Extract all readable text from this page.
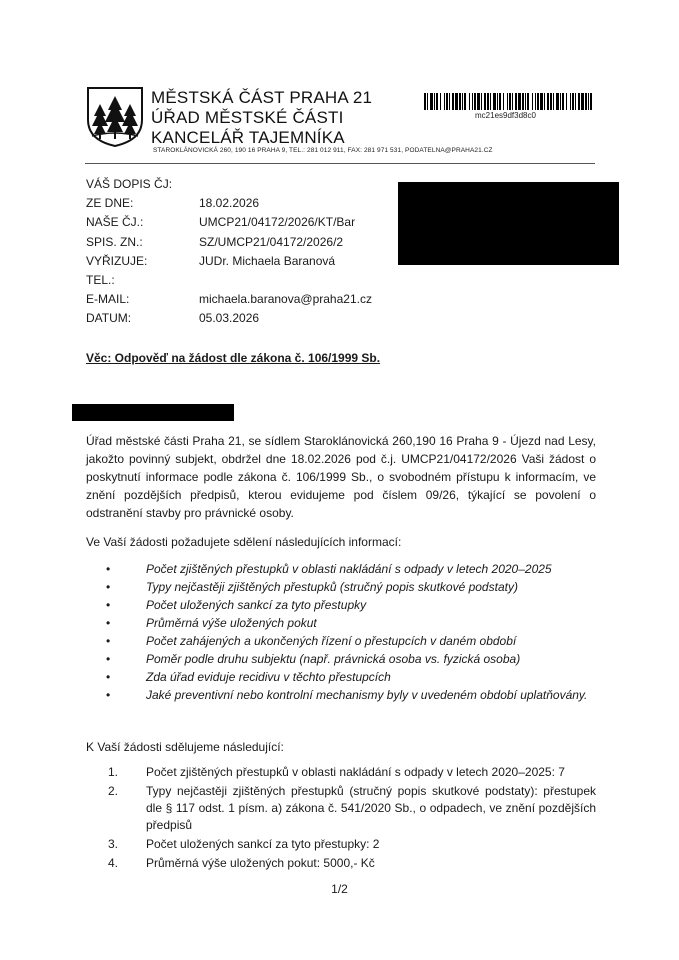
MĚSTSKÁ ČÁST PRAHA 21
ÚŘAD MĚSTSKÉ ČÁSTI
KANCELÁŘ TAJEMNÍKA
STAROKLÁNOVICKÁ 260, 190 16 PRAHA 9, TEL.: 281 012 911, FAX: 281 971 531, PODATELNA@PRAHA21.CZ
mc21es9df3d8c0
VÁŠ DOPIS ČJ:
ZE DNE:	18.02.2026
NAŠE ČJ.:	UMCP21/04172/2026/KT/Bar
SPIS. ZN.:	SZ/UMCP21/04172/2026/2
VYŘIZUJE:	JUDr. Michaela Baranová
TEL.:
E-MAIL:	michaela.baranova@praha21.cz
DATUM:	05.03.2026
Věc: Odpověď na žádost dle zákona č. 106/1999 Sb.
Úřad městské části Praha 21, se sídlem Staroklánovická 260,190 16 Praha 9 - Újezd nad Lesy, jakožto povinný subjekt, obdržel dne 18.02.2026 pod č.j. UMCP21/04172/2026 Vaši žádost o poskytnutí informace podle zákona č. 106/1999 Sb., o svobodném přístupu k informacím, ve znění pozdějších předpisů, kterou evidujeme pod číslem 09/26, týkající se povolení o odstranění stavby pro právnické osoby.
Ve Vaší žádosti požadujete sdělení následujících informací:
•	Počet zjištěných přestupků v oblasti nakládání s odpady v letech 2020–2025
•	Typy nejčastěji zjištěných přestupků (stručný popis skutkové podstaty)
•	Počet uložených sankcí za tyto přestupky
•	Průměrná výše uložených pokut
•	Počet zahájených a ukončených řízení o přestupcích v daném období
•	Poměr podle druhu subjektu (např. právnická osoba vs. fyzická osoba)
•	Zda úřad eviduje recidivu v těchto přestupcích
•	Jaké preventivní nebo kontrolní mechanismy byly v uvedeném období uplatňovány.
K Vaší žádosti sdělujeme následující:
1. Počet zjištěných přestupků v oblasti nakládání s odpady v letech 2020–2025: 7
2. Typy nejčastěji zjištěných přestupků (stručný popis skutkové podstaty): přestupek dle § 117 odst. 1 písm. a) zákona č. 541/2020 Sb., o odpadech, ve znění pozdějších předpisů
3. Počet uložených sankcí za tyto přestupky: 2
4. Průměrná výše uložených pokut: 5000,- Kč
1/2
